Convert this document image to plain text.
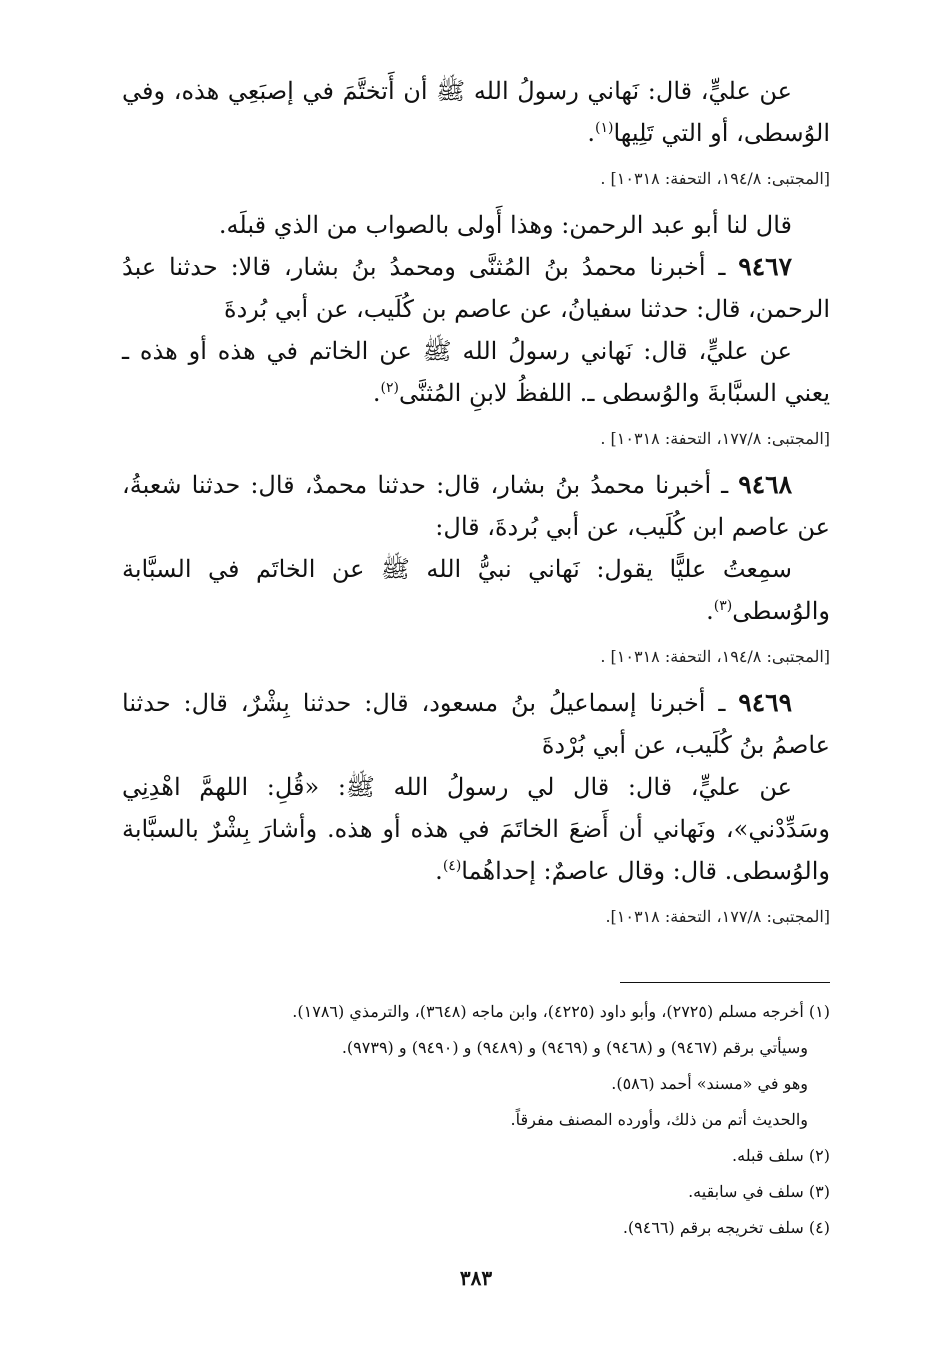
عن عليٍّ، قال: نَهاني رسولُ الله ﷺ أن أَتختَّمَ في إصبَعِي هذه، وفي الوُسطى، أو التي تَلِيها$^{(١)}$.

[المجتبى: ١٩٤/٨، التحفة: ١٠٣١٨] .

قال لنا أبو عبد الرحمن: وهذا أَولى بالصواب من الذي قبلَه.

٩٤٦٧ ـ أخبرنا محمدُ بنُ المُثنَّى ومحمدُ بنُ بشار، قالا: حدثنا عبدُ الرحمن، قال: حدثنا سفيانُ، عن عاصم بن كُلَيب، عن أبي بُردةَ

عن عليٍّ، قال: نَهاني رسولُ الله ﷺ عن الخاتم في هذه أو هذه ـ يعني السبَّابةَ والوُسطى ـ. اللفظُ لابنِ المُثنَّى$^{(٢)}$.

[المجتبى: ١٧٧/٨، التحفة: ١٠٣١٨] .

٩٤٦٨ ـ أخبرنا محمدُ بنُ بشار، قال: حدثنا محمدٌ، قال: حدثنا شعبةُ، عن عاصم ابن كُلَيب، عن أبي بُردةَ، قال:

سمِعتُ عليًّا يقول: نَهاني نبيُّ الله ﷺ عن الخاتَم في السبَّابة والوُسطى$^{(٣)}$.

[المجتبى: ١٩٤/٨، التحفة: ١٠٣١٨] .

٩٤٦٩ ـ أخبرنا إسماعيلُ بنُ مسعود، قال: حدثنا بِشْرٌ، قال: حدثنا عاصمُ بنُ كُلَيب، عن أبي بُرْدةَ

عن عليٍّ، قال: قال لي رسولُ الله ﷺ: «قُلِ: اللهمَّ اهْدِنِي وسَدِّدْني»، ونَهاني أن أَضعَ الخاتَمَ في هذه أو هذه. وأشارَ بِشْرٌ بالسبَّابة والوُسطى. قال: وقال عاصمٌ: إحداهُما$^{(٤)}$.

[المجتبى: ١٧٧/٨، التحفة: ١٠٣١٨].

(١) أخرجه مسلم (٢٧٢٥)، وأبو داود (٤٢٢٥)، وابن ماجه (٣٦٤٨)، والترمذي (١٧٨٦).

وسيأتي برقم (٩٤٦٧) و (٩٤٦٨) و (٩٤٦٩) و (٩٤٨٩) و (٩٤٩٠) و (٩٧٣٩).

وهو في «مسند» أحمد (٥٨٦).

والحديث أتم من ذلك، وأورده المصنف مفرقاً.

(٢) سلف قبله.

(٣) سلف في سابقيه.

(٤) سلف تخريجه برقم (٩٤٦٦).

٣٨٣
